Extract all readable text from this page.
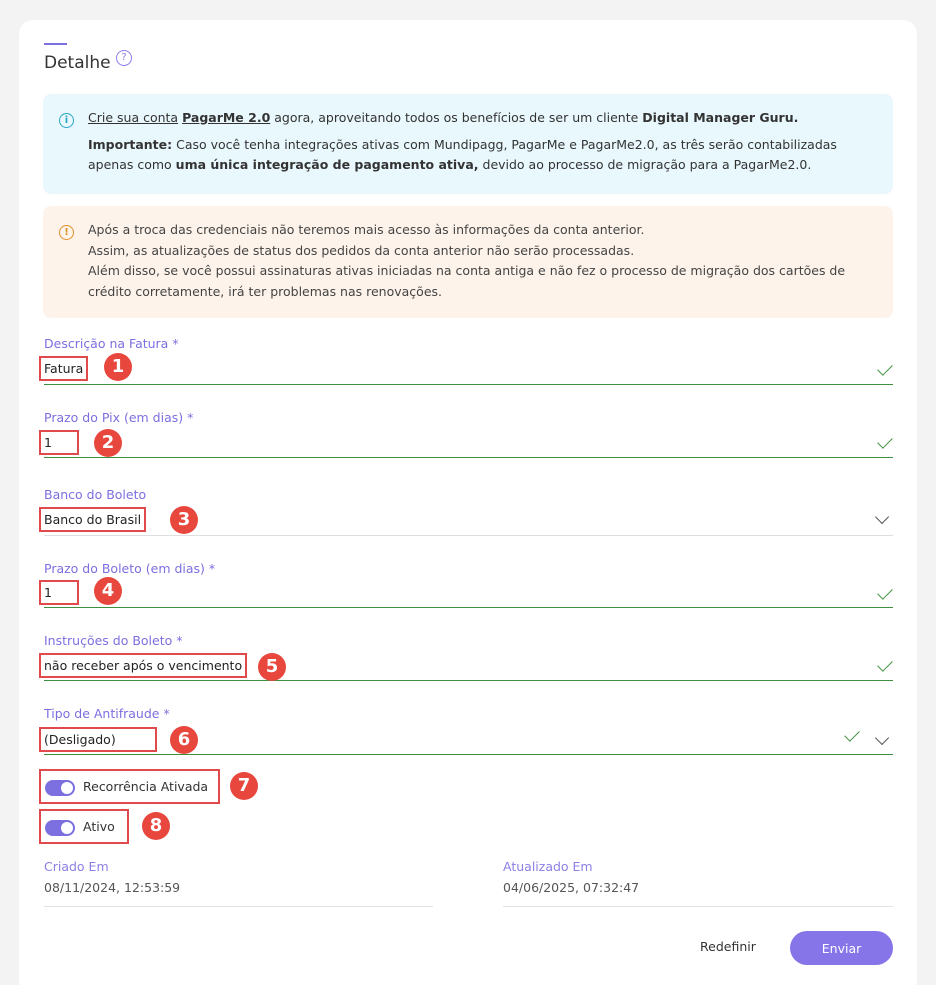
Detalhe	?
i	Crie sua conta PagarMe 2.0 agora, aproveitando todos os benefícios de ser um cliente Digital Manager Guru.
Importante: Caso você tenha integrações ativas com Mundipagg, PagarMe e PagarMe2.0, as três serão contabilizadas apenas como uma única integração de pagamento ativa, devido ao processo de migração para a PagarMe2.0.
!	Após a troca das credenciais não teremos mais acesso às informações da conta anterior.
Assim, as atualizações de status dos pedidos da conta anterior não serão processadas.
Além disso, se você possui assinaturas ativas iniciadas na conta antiga e não fez o processo de migração dos cartões de crédito corretamente, irá ter problemas nas renovações.
Descrição na Fatura *
Fatura	1
Prazo do Pix (em dias) *
1	2
Banco do Boleto
Banco do Brasil	3
Prazo do Boleto (em dias) *
1	4
Instruções do Boleto *
não receber após o vencimento	5
Tipo de Antifraude *
(Desligado)	6
Recorrência Ativada	7
Ativo	8
Criado Em
08/11/2024, 12:53:59
Atualizado Em
04/06/2025, 07:32:47
Redefinir	Enviar
